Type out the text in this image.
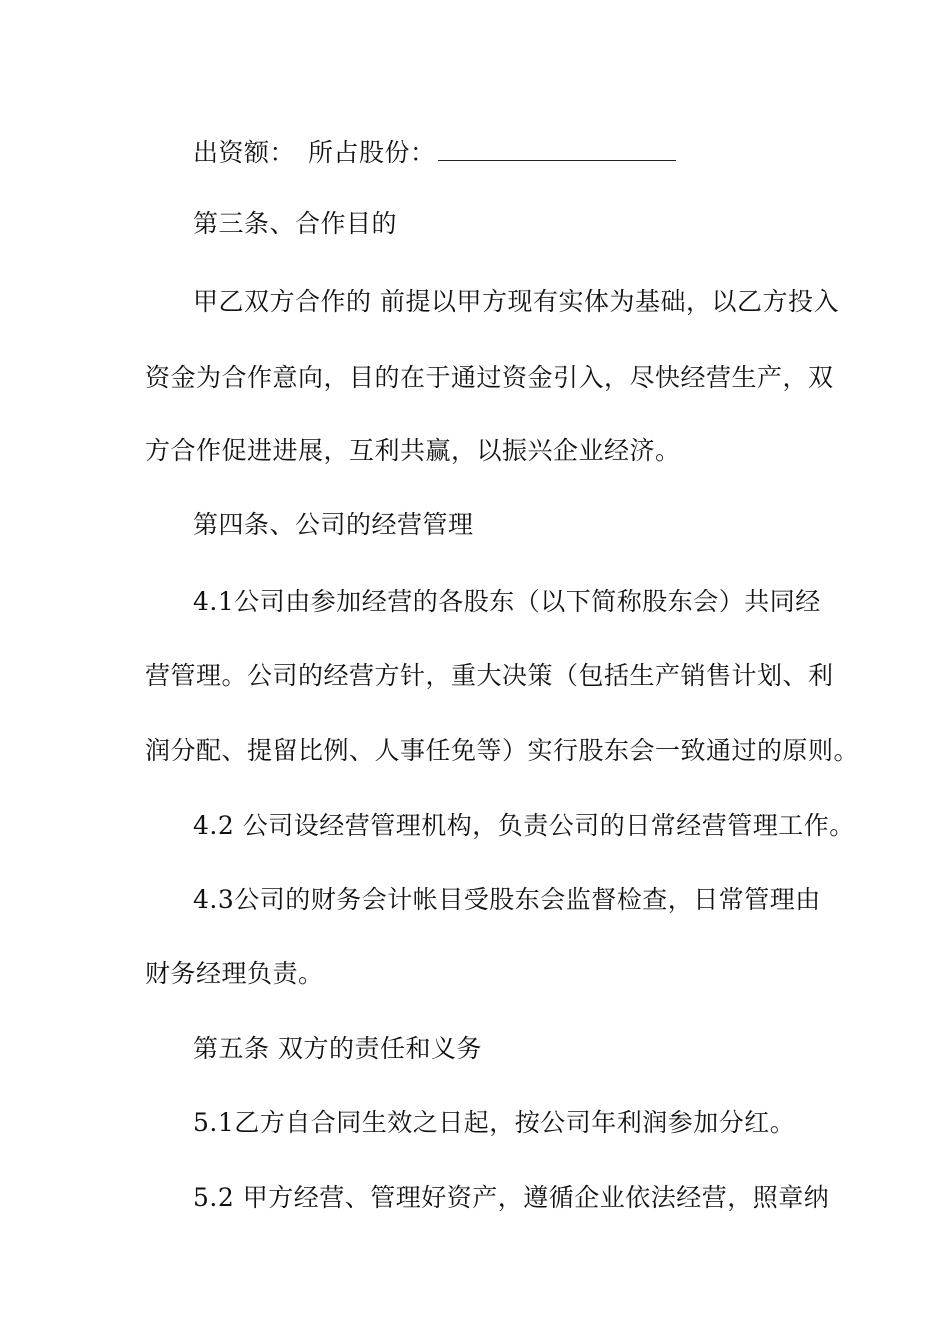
出资额：　所占股份：
第三条、合作目的
甲乙双方合作的 前提以甲方现有实体为基础，以乙方投入
资金为合作意向，目的在于通过资金引入，尽快经营生产，双
方合作促进进展，互利共赢，以振兴企业经济。
第四条、公司的经营管理
4.1公司由参加经营的各股东（以下简称股东会）共同经
营管理。公司的经营方针，重大决策（包括生产销售计划、利
润分配、提留比例、人事任免等）实行股东会一致通过的原则。
4.2 公司设经营管理机构，负责公司的日常经营管理工作。
4.3公司的财务会计帐目受股东会监督检查，日常管理由
财务经理负责。
第五条 双方的责任和义务
5.1乙方自合同生效之日起，按公司年利润参加分红。
5.2 甲方经营、管理好资产，遵循企业依法经营，照章纳
